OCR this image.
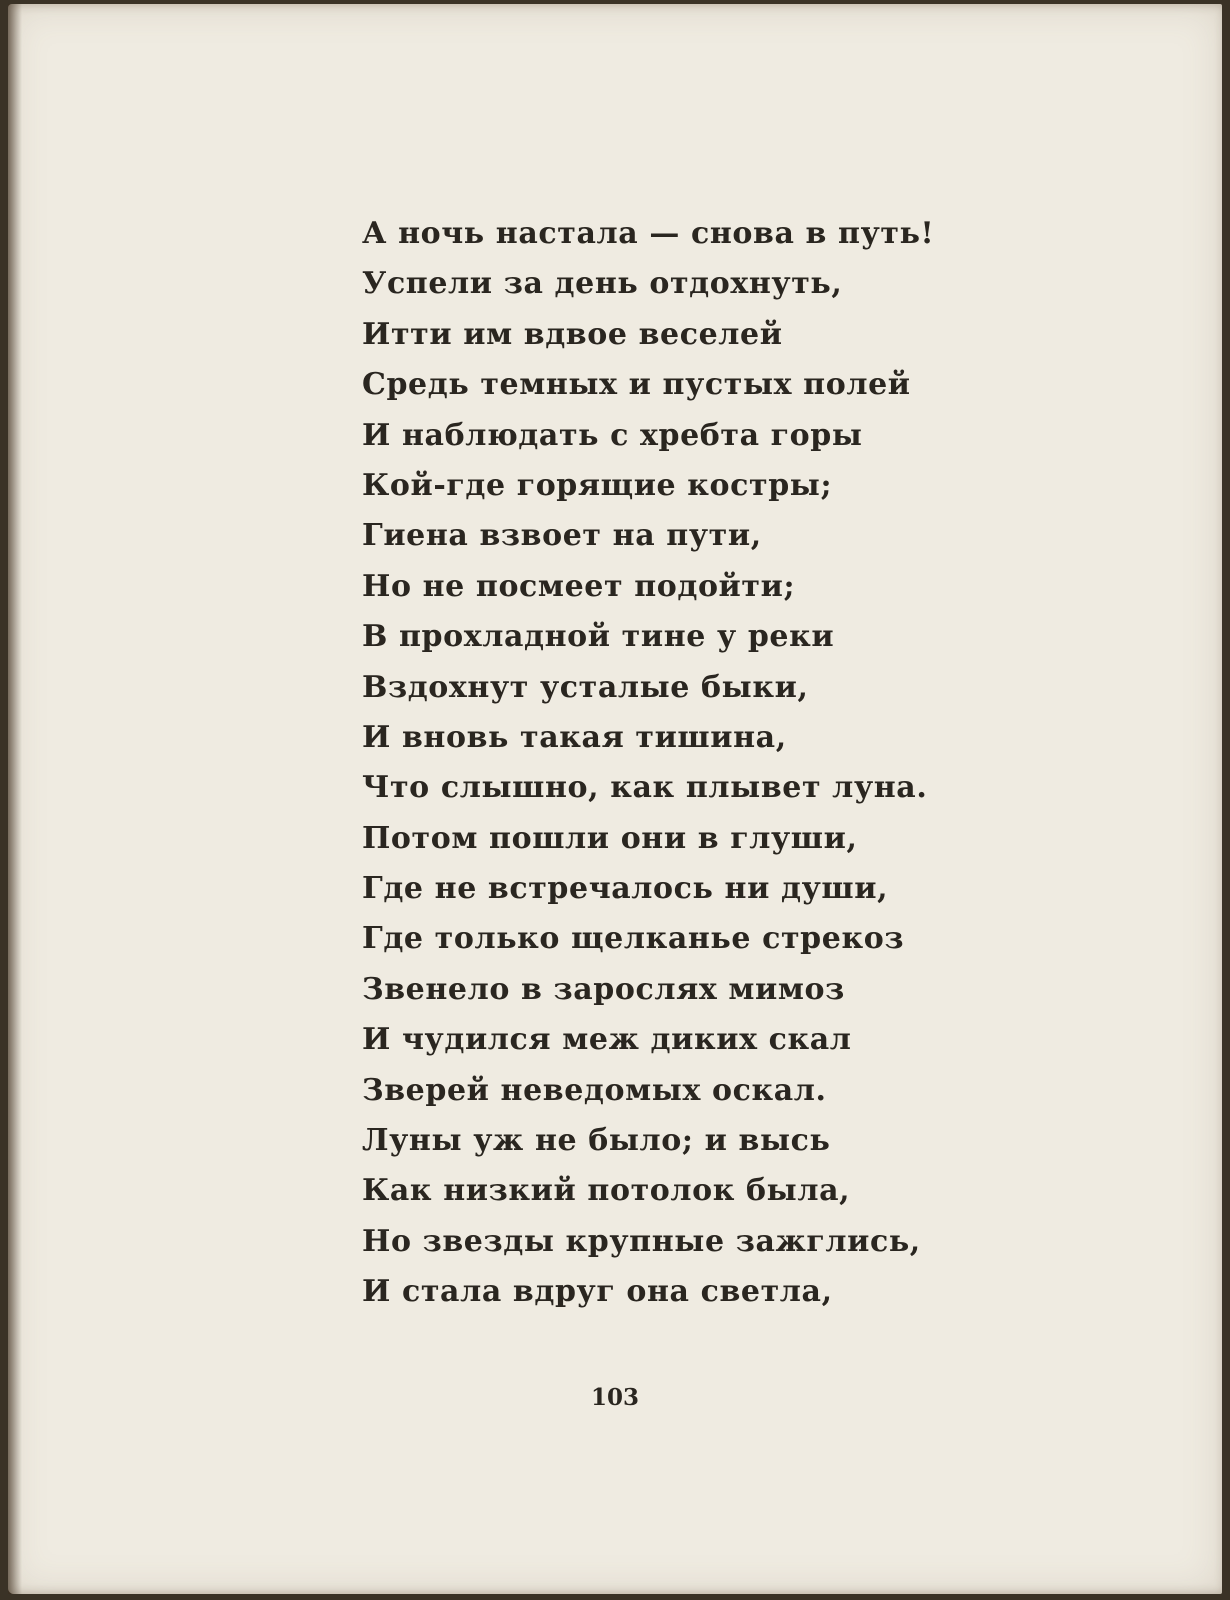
А ночь настала — снова в путь!
Успели за день отдохнуть,
Итти им вдвое веселей
Средь темных и пустых полей
И наблюдать с хребта горы
Кой-где горящие костры;
Гиена взвоет на пути,
Но не посмеет подойти;
В прохладной тине у реки
Вздохнут усталые быки,
И вновь такая тишина,
Что слышно, как плывет луна.
Потом пошли они в глуши,
Где не встречалось ни души,
Где только щелканье стрекоз
Звенело в зарослях мимоз
И чудился меж диких скал
Зверей неведомых оскал.
Луны уж не было; и высь
Как низкий потолок была,
Но звезды крупные зажглись,
И стала вдруг она светла,
103
